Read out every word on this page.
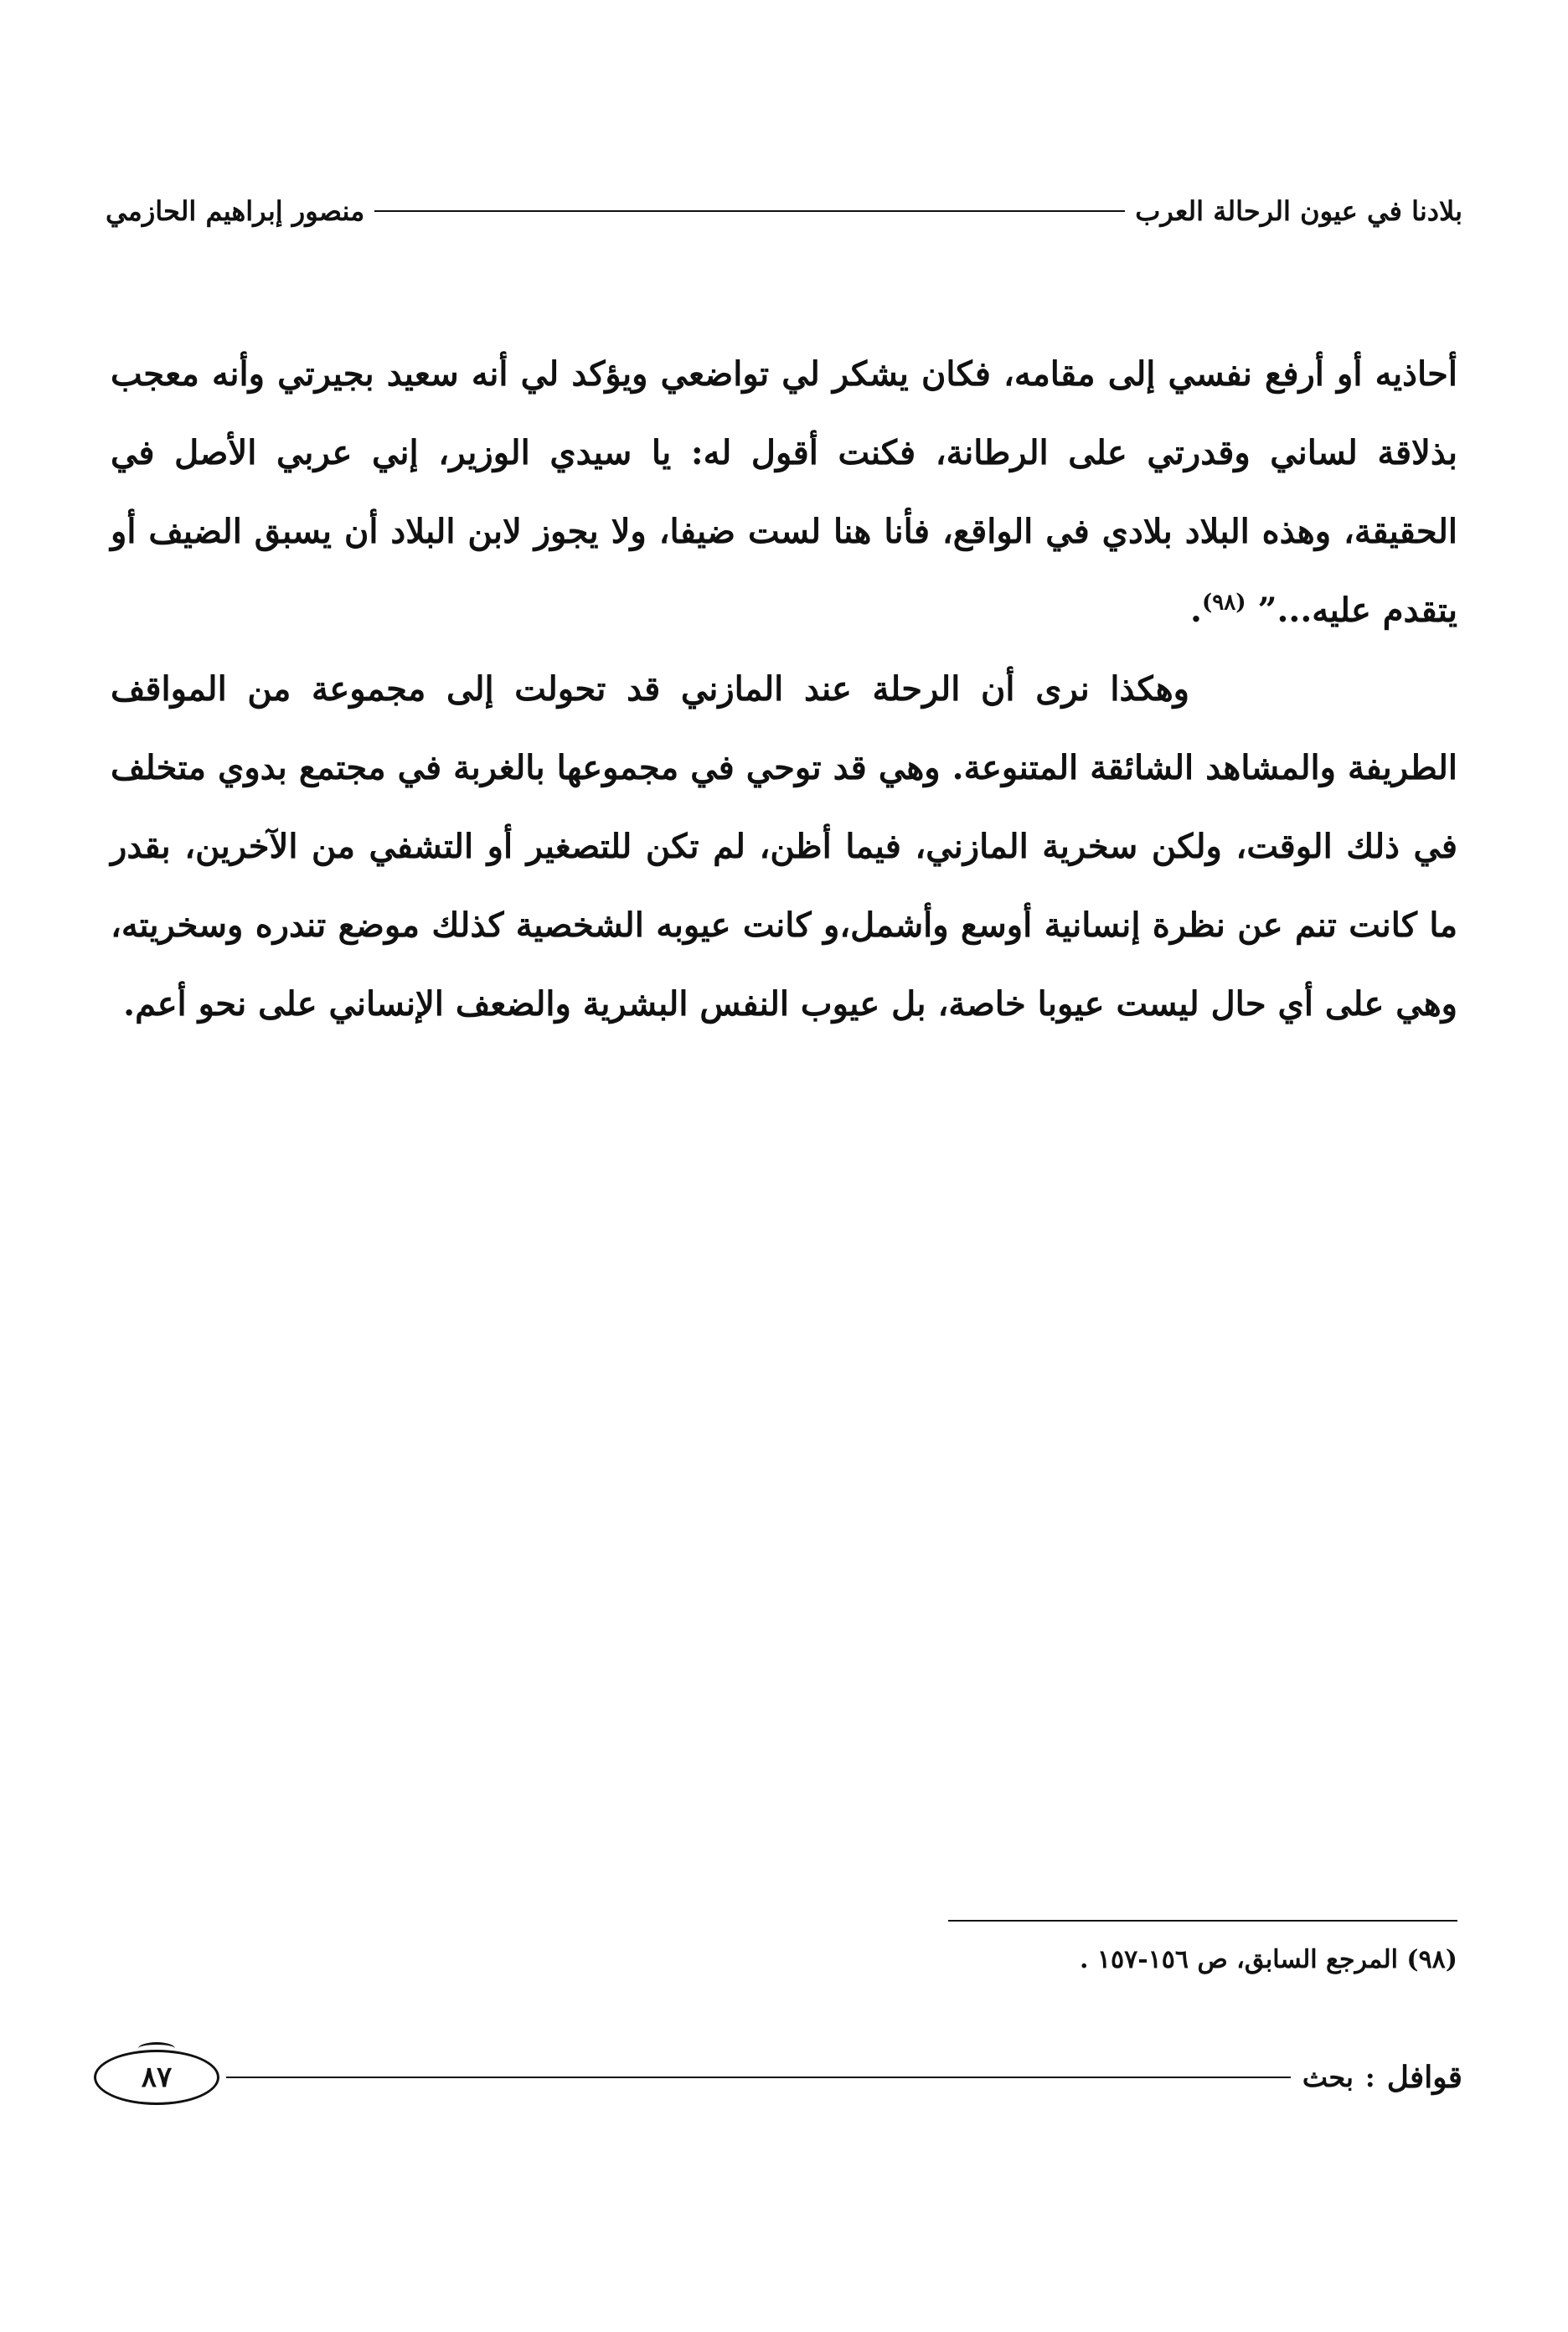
بلادنا في عيون الرحالة العرب
منصور إبراهيم الحازمي

أحاذيه أو أرفع نفسي إلى مقامه، فكان يشكر لي تواضعي ويؤكد لي أنه سعيد بجيرتي وأنه معجب بذلاقة لساني وقدرتي على الرطانة، فكنت أقول له: يا سيدي الوزير، إني عربي الأصل في الحقيقة، وهذه البلاد بلادي في الواقع، فأنا هنا لست ضيفا، ولا يجوز لابن البلاد أن يسبق الضيف أو يتقدم عليه...” $^{(٩٨)}$.

وهكذا نرى أن الرحلة عند المازني قد تحولت إلى مجموعة من المواقف الطريفة والمشاهد الشائقة المتنوعة. وهي قد توحي في مجموعها بالغربة في مجتمع بدوي متخلف في ذلك الوقت، ولكن سخرية المازني، فيما أظن، لم تكن للتصغير أو التشفي من الآخرين، بقدر ما كانت تنم عن نظرة إنسانية أوسع وأشمل،و كانت عيوبه الشخصية كذلك موضع تندره وسخريته، وهي على أي حال ليست عيوبا خاصة، بل عيوب النفس البشرية والضعف الإنساني على نحو أعم.

(٩٨) المرجع السابق، ص ١٥٦-١٥٧ .
قوافل
:
بحث
٨٧
